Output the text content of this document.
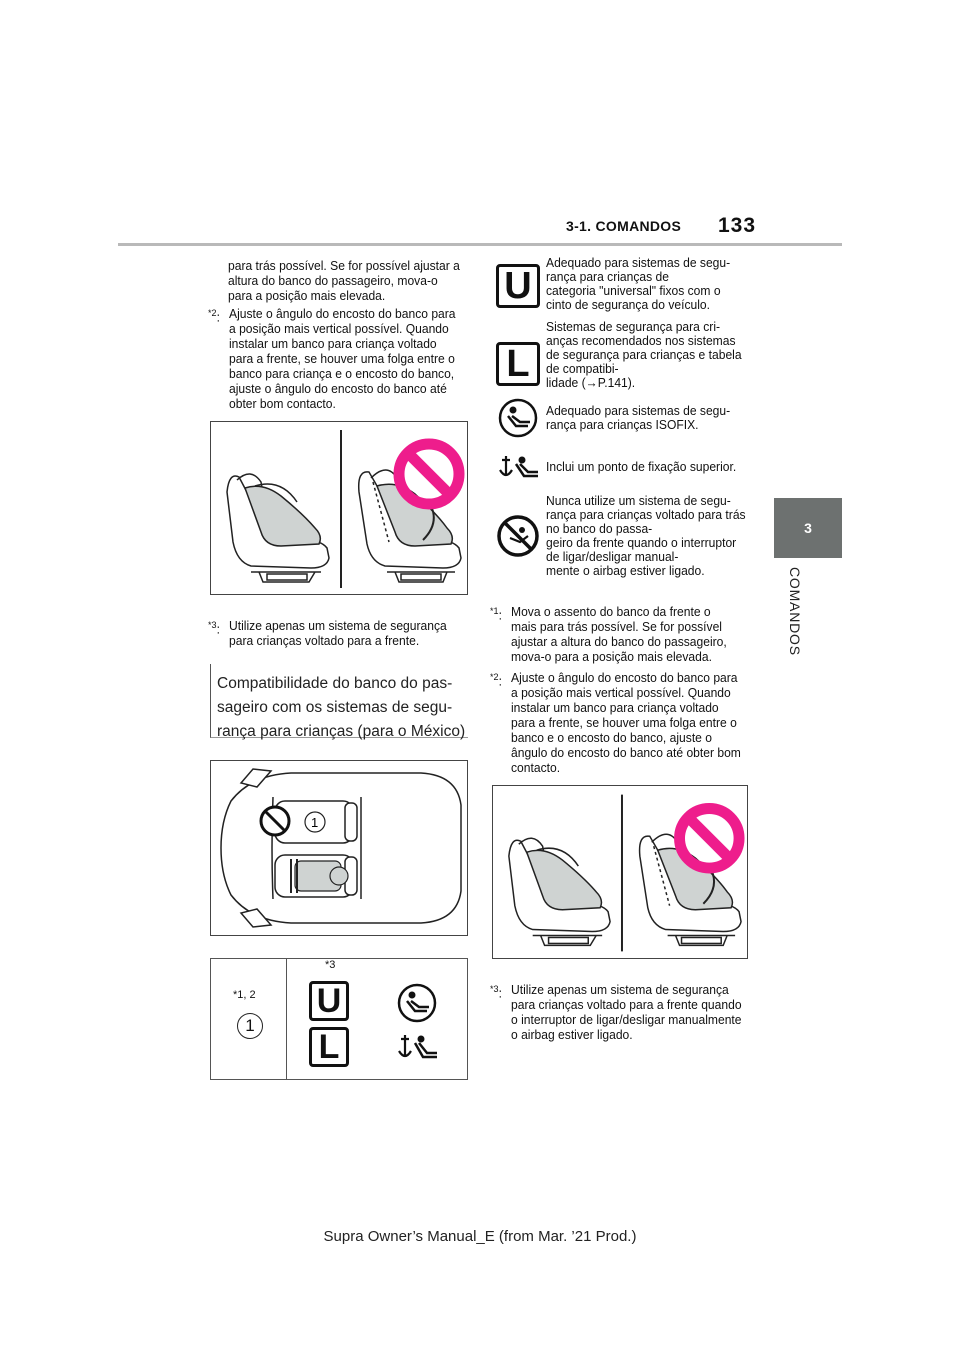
3-1. COMANDOS 133
3
COMANDOS
para trás possível. Se for possível ajustar a
altura do banco do passageiro, mova-o
para a posição mais elevada.
$^{*2}$: Ajuste o ângulo do encosto do banco para
a posição mais vertical possível. Quando
instalar um banco para criança voltado
para a frente, se houver uma folga entre o
banco para criança e o encosto do banco,
ajuste o ângulo do encosto do banco até
obter bom contacto.
$^{*3}$: Utilize apenas um sistema de segurança
para crianças voltado para a frente.
Compatibilidade do banco do pas-
sageiro com os sistemas de segu-
rança para crianças (para o México)
1
*1, 2
1
*3
U
L
U
Adequado para sistemas de segu-
rança para crianças de
categoria "universal" fixos com o
cinto de segurança do veículo.
L
Sistemas de segurança para cri-
anças recomendados nos sistemas
de segurança para crianças e tabela
de compatibi-
lidade (→P.141).
Adequado para sistemas de segu-
rança para crianças ISOFIX.
Inclui um ponto de fixação superior.
Nunca utilize um sistema de segu-
rança para crianças voltado para trás
no banco do passa-
geiro da frente quando o interruptor
de ligar/desligar manual-
mente o airbag estiver ligado.
$^{*1}$: Mova o assento do banco da frente o
mais para trás possível. Se for possível
ajustar a altura do banco do passageiro,
mova-o para a posição mais elevada.
$^{*2}$: Ajuste o ângulo do encosto do banco para
a posição mais vertical possível. Quando
instalar um banco para criança voltado
para a frente, se houver uma folga entre o
banco e o encosto do banco, ajuste o
ângulo do encosto do banco até obter bom
contacto.
$^{*3}$: Utilize apenas um sistema de segurança
para crianças voltado para a frente quando
o interruptor de ligar/desligar manualmente
o airbag estiver ligado.
Supra Owner’s Manual_E (from Mar. ’21 Prod.)
